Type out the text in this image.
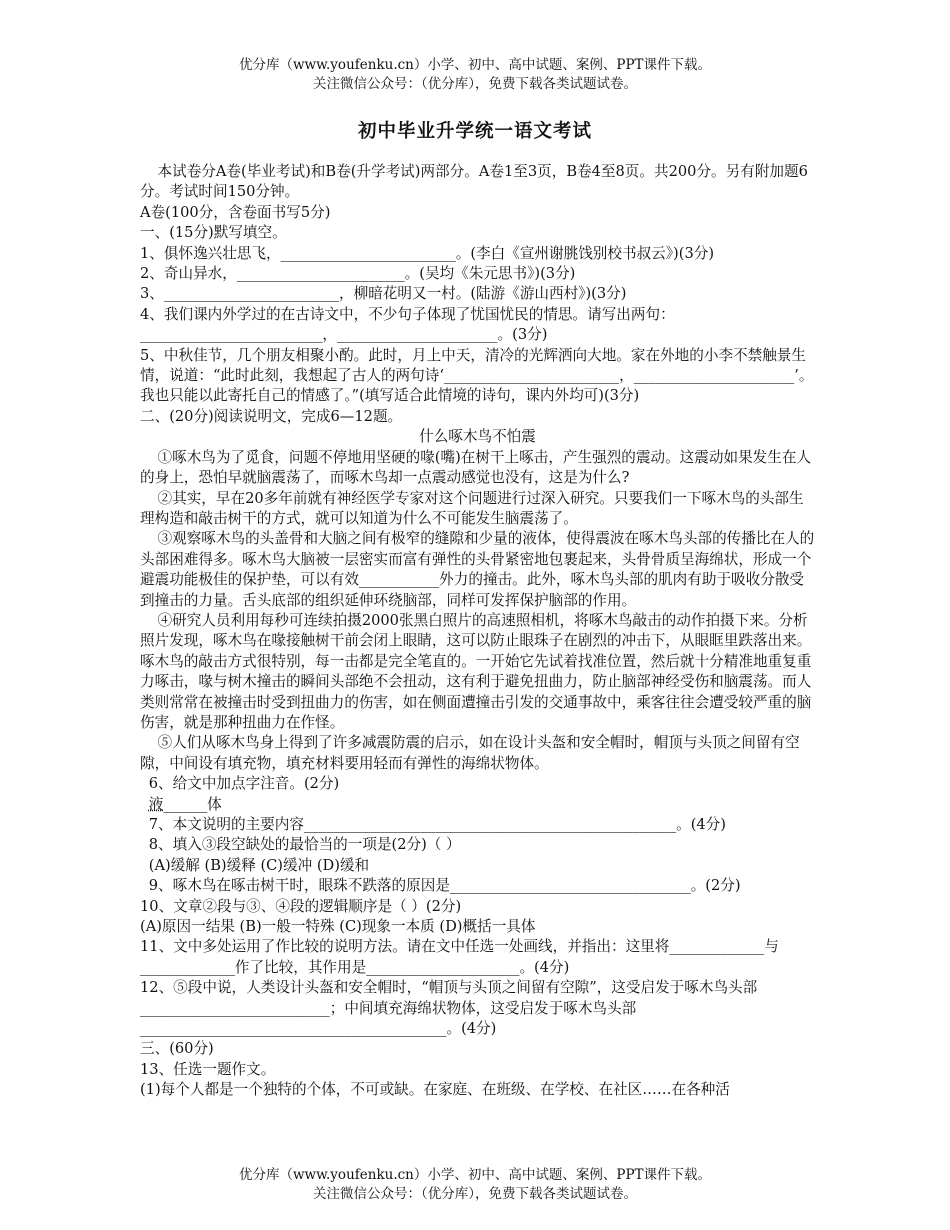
优分库（www.youfenku.cn）小学、初中、高中试题、案例、PPT课件下载。
关注微信公众号：（优分库），免费下载各类试题试卷。
初中毕业升学统一语文考试

本试卷分A卷(毕业考试)和B卷(升学考试)两部分。A卷1至3页，B卷4至8页。共200分。另有附加题6分。考试时间150分钟。

A卷(100分，含卷面书写5分)

一、(15分)默写填空。

1、俱怀逸兴壮思飞，________________________。(李白《宣州谢朓饯别校书叔云》)(3分)

2、奇山异水，_______________________。(吴均《朱元思书》)(3分)

3、________________________，柳暗花明又一村。(陆游《游山西村》)(3分)

4、我们课内外学过的在古诗文中，不少句子体现了忧国忧民的情思。请写出两句：_________________________，______________________。(3分)

5、中秋佳节，几个朋友相聚小酌。此时，月上中天，清冷的光辉洒向大地。家在外地的小李不禁触景生情，说道：“此时此刻，我想起了古人的两句诗‘________________________，______________________’。我也只能以此寄托自己的情感了。”(填写适合此情境的诗句，课内外均可)(3分)

二、(20分)阅读说明文，完成6—12题。

什么啄木鸟不怕震

①啄木鸟为了觅食，问题不停地用坚硬的喙(嘴)在树干上啄击，产生强烈的震动。这震动如果发生在人的身上，恐怕早就脑震荡了，而啄木鸟却一点震动感觉也没有，这是为什么?

②其实，早在20多年前就有神经医学专家对这个问题进行过深入研究。只要我们一下啄木鸟的头部生理构造和敲击树干的方式，就可以知道为什么不可能发生脑震荡了。

③观察啄木鸟的头盖骨和大脑之间有极窄的缝隙和少量的液体，使得震波在啄木鸟头部的传播比在人的头部困难得多。啄木鸟大脑被一层密实而富有弹性的头骨紧密地包裹起来，头骨骨质呈海绵状，形成一个避震功能极佳的保护垫，可以有效___________外力的撞击。此外，啄木鸟头部的肌肉有助于吸收分散受到撞击的力量。舌头底部的组织延伸环绕脑部，同样可发挥保护脑部的作用。

④研究人员利用每秒可连续拍摄2000张黑白照片的高速照相机，将啄木鸟敲击的动作拍摄下来。分析照片发现，啄木鸟在喙接触树干前会闭上眼睛，这可以防止眼珠子在剧烈的冲击下，从眼眶里跌落出来。啄木鸟的敲击方式很特别，每一击都是完全笔直的。一开始它先试着找准位置，然后就十分精准地重复重力啄击，喙与树木撞击的瞬间头部绝不会扭动，这有利于避免扭曲力，防止脑部神经受伤和脑震荡。而人类则常常在被撞击时受到扭曲力的伤害，如在侧面遭撞击引发的交通事故中，乘客往往会遭受较严重的脑伤害，就是那种扭曲力在作怪。

⑤人们从啄木鸟身上得到了许多减震防震的启示，如在设计头盔和安全帽时，帽顶与头顶之间留有空隙，中间设有填充物，填充材料要用轻而有弹性的海绵状物体。

6、给文中加点字注音。(2分)

液______体

7、本文说明的主要内容___________________________________________________。(4分)

8、填入③段空缺处的最恰当的一项是(2分)（ ）

(A)缓解 (B)缓释 (C)缓冲 (D)缓和

9、啄木鸟在啄击树干时，眼珠不跌落的原因是_________________________________。(2分)

10、文章②段与③、④段的逻辑顺序是（ ）(2分)

(A)原因一结果 (B)一般一特殊 (C)现象一本质 (D)概括一具体

11、文中多处运用了作比较的说明方法。请在文中任选一处画线，并指出：这里将_____________与_____________作了比较，其作用是_____________________。(4分)

12、⑤段中说，人类设计头盔和安全帽时，“帽顶与头顶之间留有空隙”，这受启发于啄木鸟头部__________________________；中间填充海绵状物体，这受启发于啄木鸟头部__________________________________________。(4分)

三、(60分)

13、任选一题作文。

(1)每个人都是一个独特的个体，不可或缺。在家庭、在班级、在学校、在社区……在各种活

优分库（www.youfenku.cn）小学、初中、高中试题、案例、PPT课件下载。
关注微信公众号：（优分库），免费下载各类试题试卷。
